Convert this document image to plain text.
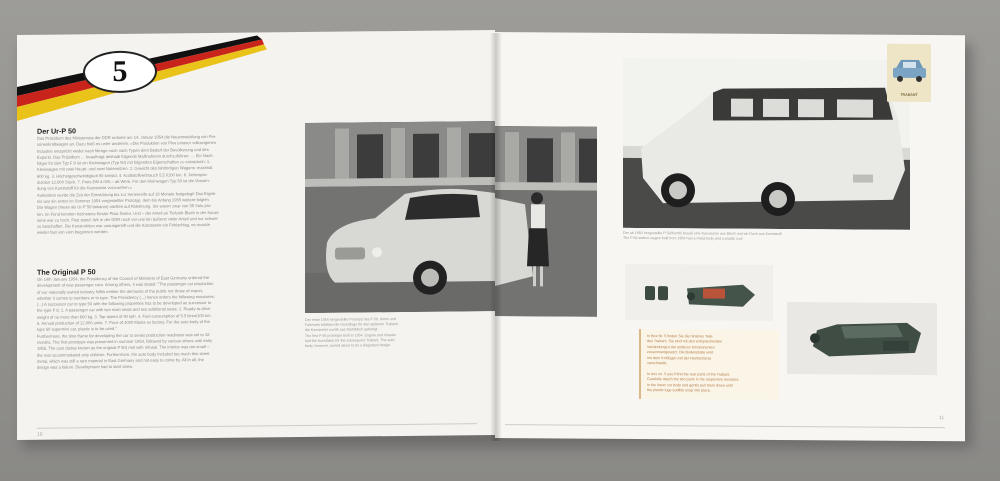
5
Der Ur-P 50
Das Präsidium des Ministerrats der DDR ordnete am 14. Januar 1954 die Neuentwicklung von Per-
sonenkraftwagen an. Dazu hieß es unter anderem: »Die Produktion von Pkw unserer volkseigenen
Industrie entspricht weder nach Menge noch nach Typen dem Bedarf der Bevölkerung und des
Exports. Das Präsidium … beauftragt deshalb folgende Maßnahmen durchzuführen: … Ein Nach-
folger für den Typ F 8 ist ein Kleinwagen (Typ 50) mit folgenden Eigenschaften zu entwickeln: 1.
Kleinwagen mit zwei Haupt- und zwei Notensitzen. 2. Gewicht des fahrfertigen Wagens: maximal
600 kg. 3. Höchstgeschwindigkeit 90 km/std. 4. Kraftstoffverbrauch 5,5 l/100 km. 6. Jahrespro-
duktion 12.000 Stück. 7. Preis DM 4.000,– ab Werk. Für den Kleinwagen Typ 50 ist die Verwen-
dung von Kunststoff für die Karosserie vorzusehen.«
Außerdem wurde die Zeit der Entwicklung bis zur Serienreife auf 18 Monate festgelegt! Das Ergeb-
nis war ein erster im Sommer 1954 vorgestellter Prototyp, dem bis Anfang 1955 weitere folgten.
Die Wagen (heute als Ur-P 50 bekannt) stießen auf Ablehnung. Sie waren zwar von 55 Solo pro-
ten. Im Fond konnten höchstens Kinder Platz finden. Und – der Anteil an Tiefzieh-Blech in der Karos-
serie war zu hoch. Fest stand: Wir in der DDR noch vor uns ten äußerst vieler Anteil und nur schwer
zu beschaffen. Die Konstruktion war unausgereift und die Karosserie ein Fehlschlag, es musste
wieder fast von vorn begonnen werden.
The Original P 50
On 14th January 1954, the Presidency of the Council of Ministers of East Germany ordered the
development of new passenger cars. Among others, it was stated: "The passenger car production
of our nationally owned industry fulfils neither the demands of the public nor those of export,
whether it comes to numbers or to type. The Presidency (...) hence orders the following measures:
(...) A successor car to type 50 with the following properties has to be developed as successor to
the type F 8: 1. A passenger car with two main seats and two additional seats. 2. Ready-to-drive
weight of no more than 600 kg. 3. Top speed of 90 kph. 4. Fuel consumption of 5.5 litres/100 km.
6. Annual production of 12,000 units. 7. Price of 4000 Marks ex factory. For the auto body of the
type 50 supermini car, plastic is to be used."
Furthermore, the time frame for developing the car to series production readiness was set to 18
months. The first prototype was presented in summer 1954, followed by various others until early
1955. The cars (today known as the original P 50) met with refusal. The interior was too small –
the rear accommodated only children. Furthermore, the auto body included too much thin sheet
metal, which was still a rare material in East Germany and not easy to come by. All in all, the
design was a failure. Development had to start anew.
Der erste 1954 hergestellte Prototyp des P 50. Motor und
Fahrwerk bildeten die Grundlage für den späteren Trabant,
die Karosserie wurde aus Stahlblech gefertigt.
The first P 50 prototype built in 1954. Engine and chassis
laid the foundation for the subsequent Trabant. The auto
body, however, turned about to be a disgusted design.
10
Der ab 1954 hergestellte P 50/Kombi besaß eine Karosserie aus Blech und ein Dach aus Kunststoff.
The P 50 station wagon built from 1954 had a metal body and a plastic roof.
TRABANT
In Box Nr. 5 finden Sie die hinteren Teile
des Trabant. Sie sind mit den entsprechenden
Verbindungen der anderen Komponenten
zusammengesetzt. Die Bodenplatte wird
mit dem Kotflügel und der Heckschürze
verschraubt.
In box no. 5 you'll find the rear parts of the Trabant.
Carefully attach the two parts in the respective recesses
in the lower car body and gently pull them down until
the plastic lugs audibly snap into place.
11
